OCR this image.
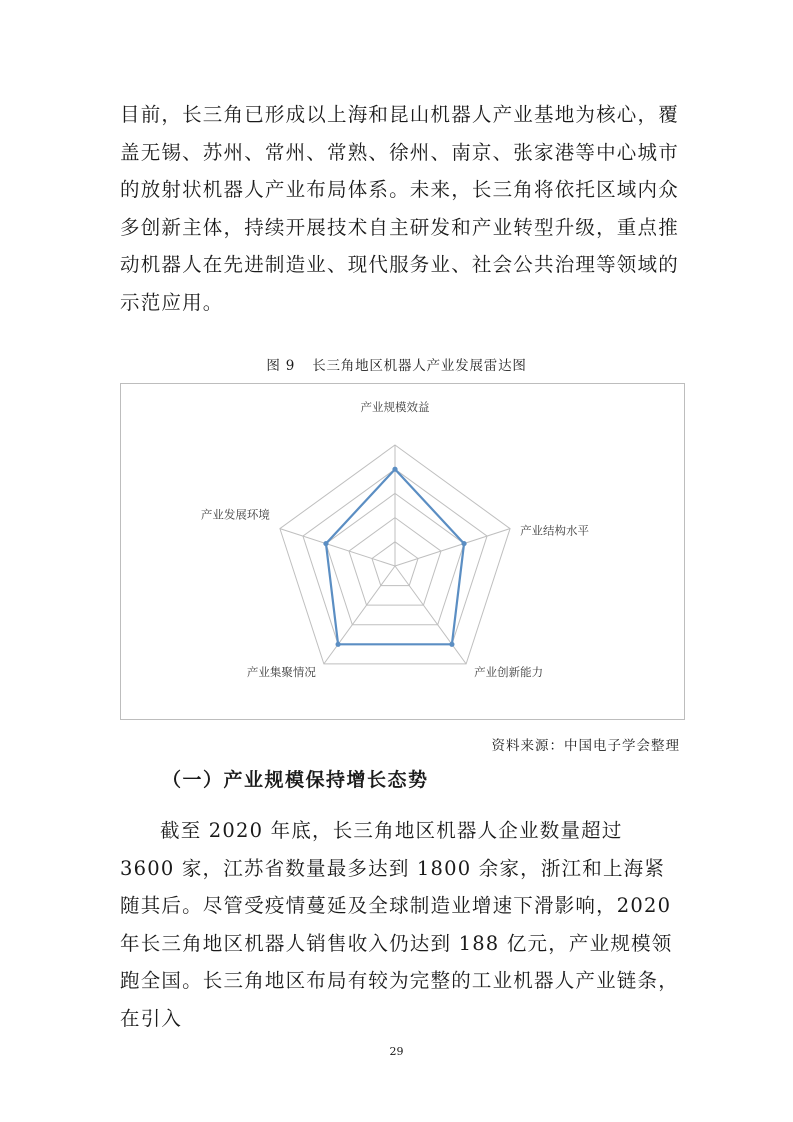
目前，长三角已形成以上海和昆山机器人产业基地为核心，覆盖无锡、苏州、常州、常熟、徐州、南京、张家港等中心城市的放射状机器人产业布局体系。未来，长三角将依托区域内众多创新主体，持续开展技术自主研发和产业转型升级，重点推动机器人在先进制造业、现代服务业、社会公共治理等领域的示范应用。

图 9 长三角地区机器人产业发展雷达图
产业规模效益
产业结构水平
产业创新能力
产业集聚情况
产业发展环境
资料来源：中国电子学会整理
（一）产业规模保持增长态势

截至 2020 年底，长三角地区机器人企业数量超过 3600 家，江苏省数量最多达到 1800 余家，浙江和上海紧随其后。尽管受疫情蔓延及全球制造业增速下滑影响，2020 年长三角地区机器人销售收入仍达到 188 亿元，产业规模领跑全国。长三角地区布局有较为完整的工业机器人产业链条，在引入

29
